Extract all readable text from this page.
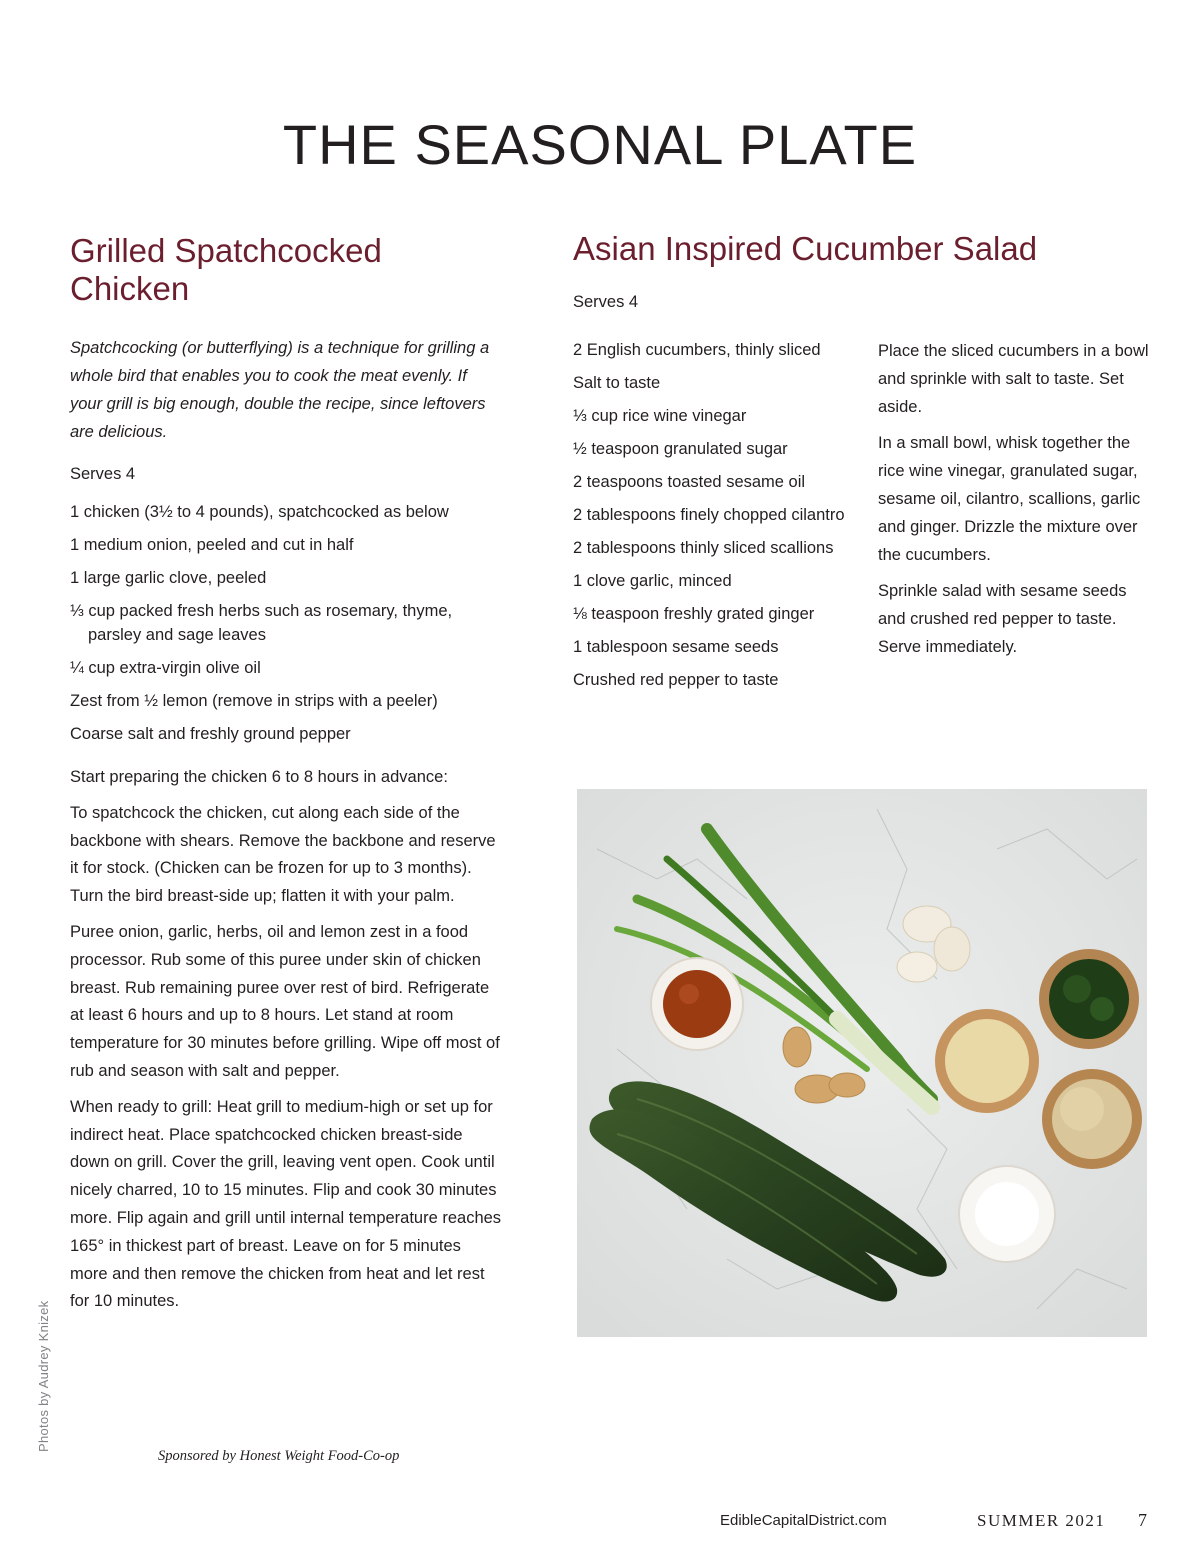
THE SEASONAL PLATE
Grilled Spatchcocked Chicken

Spatchcocking (or butterflying) is a technique for grilling a whole bird that enables you to cook the meat evenly. If your grill is big enough, double the recipe, since leftovers are delicious.

Serves 4

1 chicken (3½ to 4 pounds), spatchcocked as below
1 medium onion, peeled and cut in half
1 large garlic clove, peeled
⅓ cup packed fresh herbs such as rosemary, thyme, parsley and sage leaves
¼ cup extra-virgin olive oil
Zest from ½ lemon (remove in strips with a peeler)
Coarse salt and freshly ground pepper

Start preparing the chicken 6 to 8 hours in advance:

To spatchcock the chicken, cut along each side of the backbone with shears. Remove the backbone and reserve it for stock. (Chicken can be frozen for up to 3 months). Turn the bird breast-side up; flatten it with your palm.

Puree onion, garlic, herbs, oil and lemon zest in a food processor. Rub some of this puree under skin of chicken breast. Rub remaining puree over rest of bird. Refrigerate at least 6 hours and up to 8 hours. Let stand at room temperature for 30 minutes before grilling. Wipe off most of rub and season with salt and pepper.

When ready to grill: Heat grill to medium-high or set up for indirect heat. Place spatchcocked chicken breast-side down on grill. Cover the grill, leaving vent open. Cook until nicely charred, 10 to 15 minutes. Flip and cook 30 minutes more. Flip again and grill until internal temperature reaches 165° in thickest part of breast. Leave on for 5 minutes more and then remove the chicken from heat and let rest for 10 minutes.

Asian Inspired Cucumber Salad

Serves 4

2 English cucumbers, thinly sliced
Salt to taste
⅓ cup rice wine vinegar
½ teaspoon granulated sugar
2 teaspoons toasted sesame oil
2 tablespoons finely chopped cilantro
2 tablespoons thinly sliced scallions
1 clove garlic, minced
⅛ teaspoon freshly grated ginger
1 tablespoon sesame seeds
Crushed red pepper to taste

Place the sliced cucumbers in a bowl and sprinkle with salt to taste. Set aside.

In a small bowl, whisk together the rice wine vinegar, granulated sugar, sesame oil, cilantro, scallions, garlic and ginger. Drizzle the mixture over the cucumbers.

Sprinkle salad with sesame seeds and crushed red pepper to taste. Serve immediately.

Photos by Audrey Knizek
Sponsored by Honest Weight Food-Co-op
EdibleCapitalDistrict.com	SUMMER 2021 7
